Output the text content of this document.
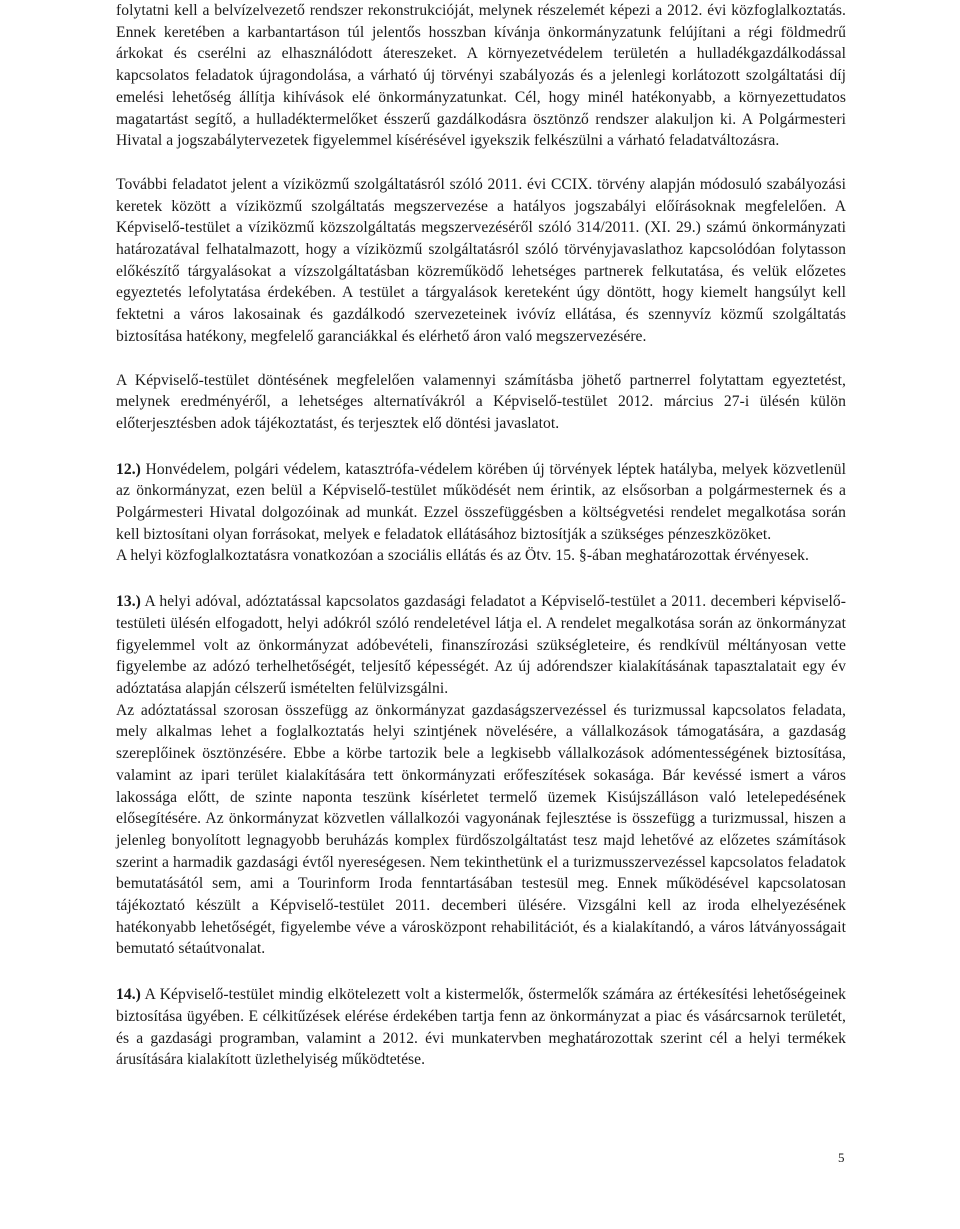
folytatni kell a belvízelvezető rendszer rekonstrukcióját, melynek részelemét képezi a 2012. évi közfoglalkoztatás. Ennek keretében a karbantartáson túl jelentős hosszban kívánja önkormányzatunk felújítani a régi földmedrű árkokat és cserélni az elhasználódott átereszeket. A környezetvédelem területén a hulladékgazdálkodással kapcsolatos feladatok újragondolása, a várható új törvényi szabályozás és a jelenlegi korlátozott szolgáltatási díj emelési lehetőség állítja kihívások elé önkormányzatunkat. Cél, hogy minél hatékonyabb, a környezettudatos magatartást segítő, a hulladéktermelőket ésszerű gazdálkodásra ösztönző rendszer alakuljon ki. A Polgármesteri Hivatal a jogszabálytervezetek figyelemmel kísérésével igyekszik felkészülni a várható feladatváltozásra.

További feladatot jelent a víziközmű szolgáltatásról szóló 2011. évi CCIX. törvény alapján módosuló szabályozási keretek között a víziközmű szolgáltatás megszervezése a hatályos jogszabályi előírásoknak megfelelően. A Képviselő-testület a víziközmű közszolgáltatás megszervezéséről szóló 314/2011. (XI. 29.) számú önkormányzati határozatával felhatalmazott, hogy a víziközmű szolgáltatásról szóló törvényjavaslathoz kapcsolódóan folytasson előkészítő tárgyalásokat a vízszolgáltatásban közreműködő lehetséges partnerek felkutatása, és velük előzetes egyeztetés lefolytatása érdekében. A testület a tárgyalások kereteként úgy döntött, hogy kiemelt hangsúlyt kell fektetni a város lakosainak és gazdálkodó szervezeteinek ivóvíz ellátása, és szennyvíz közmű szolgáltatás biztosítása hatékony, megfelelő garanciákkal és elérhető áron való megszervezésére.

A Képviselő-testület döntésének megfelelően valamennyi számításba jöhető partnerrel folytattam egyeztetést, melynek eredményéről, a lehetséges alternatívákról a Képviselő-testület 2012. március 27-i ülésén külön előterjesztésben adok tájékoztatást, és terjesztek elő döntési javaslatot.

12.) Honvédelem, polgári védelem, katasztrófa-védelem körében új törvények léptek hatályba, melyek közvetlenül az önkormányzat, ezen belül a Képviselő-testület működését nem érintik, az elsősorban a polgármesternek és a Polgármesteri Hivatal dolgozóinak ad munkát. Ezzel összefüggésben a költségvetési rendelet megalkotása során kell biztosítani olyan forrásokat, melyek e feladatok ellátásához biztosítják a szükséges pénzeszközöket.

A helyi közfoglalkoztatásra vonatkozóan a szociális ellátás és az Ötv. 15. §-ában meghatározottak érvényesek.

13.) A helyi adóval, adóztatással kapcsolatos gazdasági feladatot a Képviselő-testület a 2011. decemberi képviselő-testületi ülésén elfogadott, helyi adókról szóló rendeletével látja el. A rendelet megalkotása során az önkormányzat figyelemmel volt az önkormányzat adóbevételi, finanszírozási szükségleteire, és rendkívül méltányosan vette figyelembe az adózó terhelhetőségét, teljesítő képességét. Az új adórendszer kialakításának tapasztalatait egy év adóztatása alapján célszerű ismételten felülvizsgálni.

Az adóztatással szorosan összefügg az önkormányzat gazdaságszervezéssel és turizmussal kapcsolatos feladata, mely alkalmas lehet a foglalkoztatás helyi szintjének növelésére, a vállalkozások támogatására, a gazdaság szereplőinek ösztönzésére. Ebbe a körbe tartozik bele a legkisebb vállalkozások adómentességének biztosítása, valamint az ipari terület kialakítására tett önkormányzati erőfeszítések sokasága. Bár kevéssé ismert a város lakossága előtt, de szinte naponta teszünk kísérletet termelő üzemek Kisújszálláson való letelepedésének elősegítésére. Az önkormányzat közvetlen vállalkozói vagyonának fejlesztése is összefügg a turizmussal, hiszen a jelenleg bonyolított legnagyobb beruházás komplex fürdőszolgáltatást tesz majd lehetővé az előzetes számítások szerint a harmadik gazdasági évtől nyereségesen. Nem tekinthetünk el a turizmusszervezéssel kapcsolatos feladatok bemutatásától sem, ami a Tourinform Iroda fenntartásában testesül meg. Ennek működésével kapcsolatosan tájékoztató készült a Képviselő-testület 2011. decemberi ülésére. Vizsgálni kell az iroda elhelyezésének hatékonyabb lehetőségét, figyelembe véve a városközpont rehabilitációt, és a kialakítandó, a város látványosságait bemutató sétaútvonalat.

14.) A Képviselő-testület mindig elkötelezett volt a kistermelők, őstermelők számára az értékesítési lehetőségeinek biztosítása ügyében. E célkitűzések elérése érdekében tartja fenn az önkormányzat a piac és vásárcsarnok területét, és a gazdasági programban, valamint a 2012. évi munkatervben meghatározottak szerint cél a helyi termékek árusítására kialakított üzlethelyiség működtetése.

5
